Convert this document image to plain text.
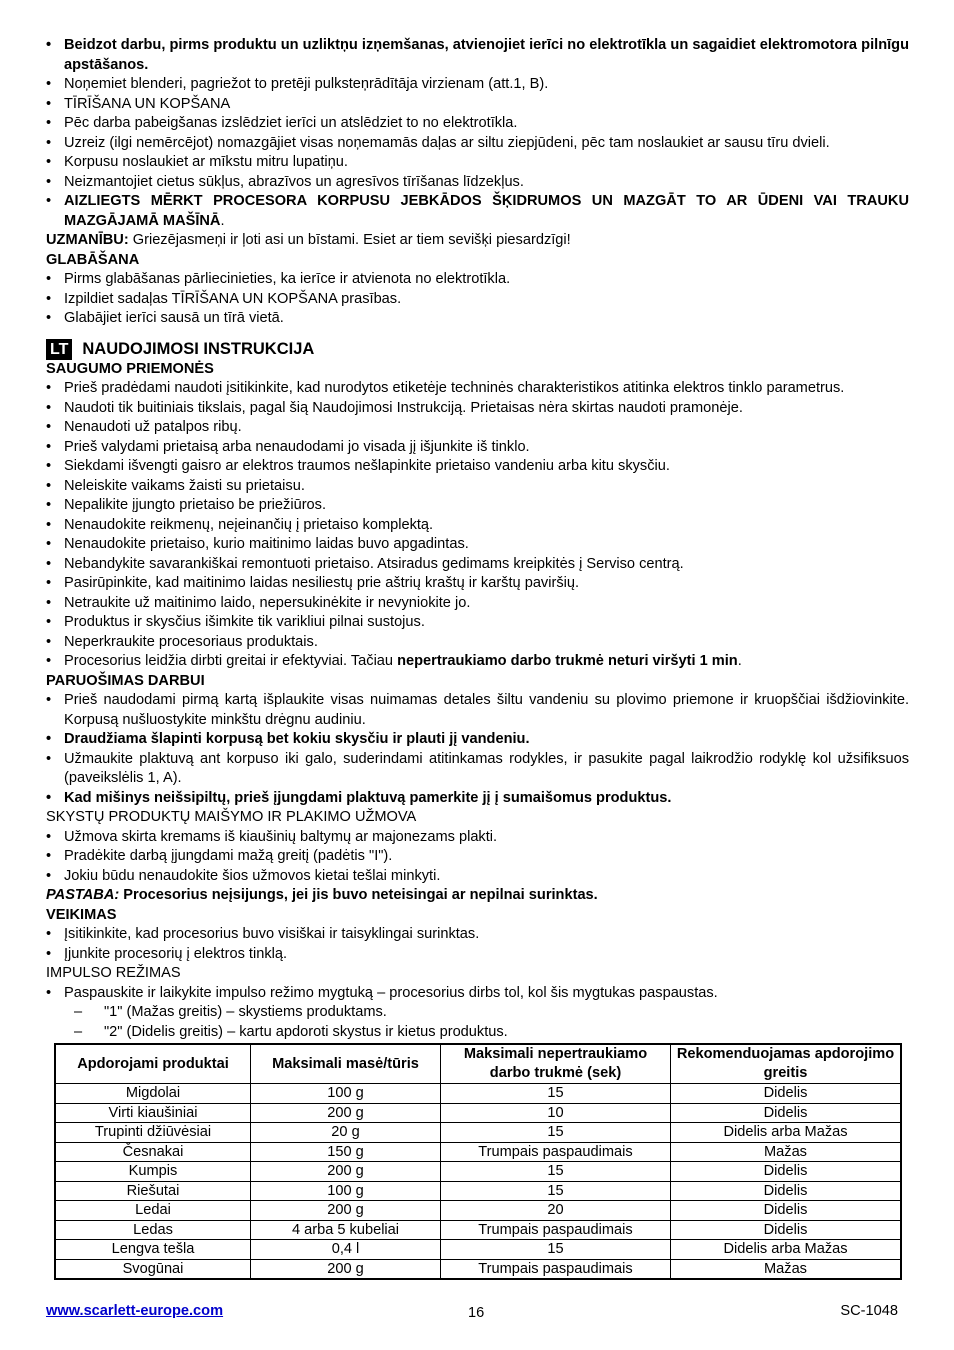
• Beidzot darbu, pirms produktu un uzliktņu izņemšanas, atvienojiet ierīci no elektrotīkla un sagaidiet elektromotora pilnīgu apstāšanos.
• Noņemiet blenderi, pagriežot to pretēji pulksteņrādītāja virzienam (att.1, B).
• TĪRĪŠANA UN KOPŠANA
• Pēc darba pabeigšanas izslēdziet ierīci un atslēdziet to no elektrotīkla.
• Uzreiz (ilgi nemērcējot) nomazgājiet visas noņemamās daļas ar siltu ziepjūdeni, pēc tam noslaukiet ar sausu tīru dvieli.
• Korpusu noslaukiet ar mīkstu mitru lupatiņu.
• Neizmantojiet cietus sūkļus, abrazīvos un agresīvos tīrīšanas līdzekļus.
• AIZLIEGTS MĒRKT PROCESORA KORPUSU JEBKĀDOS ŠĶIDRUMOS UN MAZGĀT TO AR ŪDENI VAI TRAUKU MAZGĀJAMĀ MAŠĪNĀ.
UZMANĪBU: Griezējasmeņi ir ļoti asi un bīstami. Esiet ar tiem sevišķi piesardzīgi!
GLABĀŠANA
• Pirms glabāšanas pārliecinieties, ka ierīce ir atvienota no elektrotīkla.
• Izpildiet sadaļas TĪRĪŠANA UN KOPŠANA prasības.
• Glabājiet ierīci sausā un tīrā vietā.
LT NAUDOJIMOSI INSTRUKCIJA
SAUGUMO PRIEMONĖS
• Prieš pradėdami naudoti įsitikinkite, kad nurodytos etiketėje techninės charakteristikos atitinka elektros tinklo parametrus.
• Naudoti tik buitiniais tikslais, pagal šią Naudojimosi Instrukciją. Prietaisas nėra skirtas naudoti pramonėje.
• Nenaudoti už patalpos ribų.
• Prieš valydami prietaisą arba nenaudodami jo visada jį išjunkite iš tinklo.
• Siekdami išvengti gaisro ar elektros traumos nešlapinkite prietaiso vandeniu arba kitu skysčiu.
• Neleiskite vaikams žaisti su prietaisu.
• Nepalikite įjungto prietaiso be priežiūros.
• Nenaudokite reikmenų, neįeinančių į prietaiso komplektą.
• Nenaudokite prietaiso, kurio maitinimo laidas buvo apgadintas.
• Nebandykite savarankiškai remontuoti prietaiso. Atsiradus gedimams kreipkitės į Serviso centrą.
• Pasirūpinkite, kad maitinimo laidas nesiliestų prie aštrių kraštų ir karštų paviršių.
• Netraukite už maitinimo laido, nepersukinėkite ir nevyniokite jo.
• Produktus ir skysčius išimkite tik varikliui pilnai sustojus.
• Neperkraukite procesoriaus produktais.
• Procesorius leidžia dirbti greitai ir efektyviai. Tačiau nepertraukiamo darbo trukmė neturi viršyti 1 min.
PARUOŠIMAS DARBUI
• Prieš naudodami pirmą kartą išplaukite visas nuimamas detales šiltu vandeniu su plovimo priemone ir kruopščiai išdžiovinkite. Korpusą nušluostykite minkštu drėgnu audiniu.
• Draudžiama šlapinti korpusą bet kokiu skysčiu ir plauti jį vandeniu.
• Užmaukite plaktuvą ant korpuso iki galo, suderindami atitinkamas rodykles, ir pasukite pagal laikrodžio rodyklę kol užsifiksuos (paveikslėlis 1, A).
• Kad mišinys neišsipiltų, prieš įjungdami plaktuvą pamerkite jį į sumaišomus produktus.
SKYSTŲ PRODUKTŲ MAIŠYMO IR PLAKIMO UŽMOVA
• Užmova skirta kremams iš kiaušinių baltymų ar majonezams plakti.
• Pradėkite darbą įjungdami mažą greitį (padėtis "I").
• Jokiu būdu nenaudokite šios užmovos kietai tešlai minkyti.
PASTABA: Procesorius neįsijungs, jei jis buvo neteisingai ar nepilnai surinktas.
VEIKIMAS
• Įsitikinkite, kad procesorius buvo visiškai ir taisyklingai surinktas.
• Įjunkite procesorių į elektros tinklą.
IMPULSO REŽIMAS
• Paspauskite ir laikykite impulso režimo mygtuką – procesorius dirbs tol, kol šis mygtukas paspaustas.
– "1" (Mažas greitis) – skystiems produktams.
– "2" (Didelis greitis) – kartu apdoroti skystus ir kietus produktus.
Apdorojami produktai	Maksimali masė/tūris	Maksimali nepertraukiamo darbo trukmė (sek)	Rekomenduojamas apdorojimo greitis
Migdolai	100 g	15	Didelis
Virti kiaušiniai	200 g	10	Didelis
Trupinti džiūvėsiai	20 g	15	Didelis arba Mažas
Česnakai	150 g	Trumpais paspaudimais	Mažas
Kumpis	200 g	15	Didelis
Riešutai	100 g	15	Didelis
Ledai	200 g	20	Didelis
Ledas	4 arba 5 kubeliai	Trumpais paspaudimais	Didelis
Lengva tešla	0,4 l	15	Didelis arba Mažas
Svogūnai	200 g	Trumpais paspaudimais	Mažas
www.scarlett-europe.com	16	SC-1048
